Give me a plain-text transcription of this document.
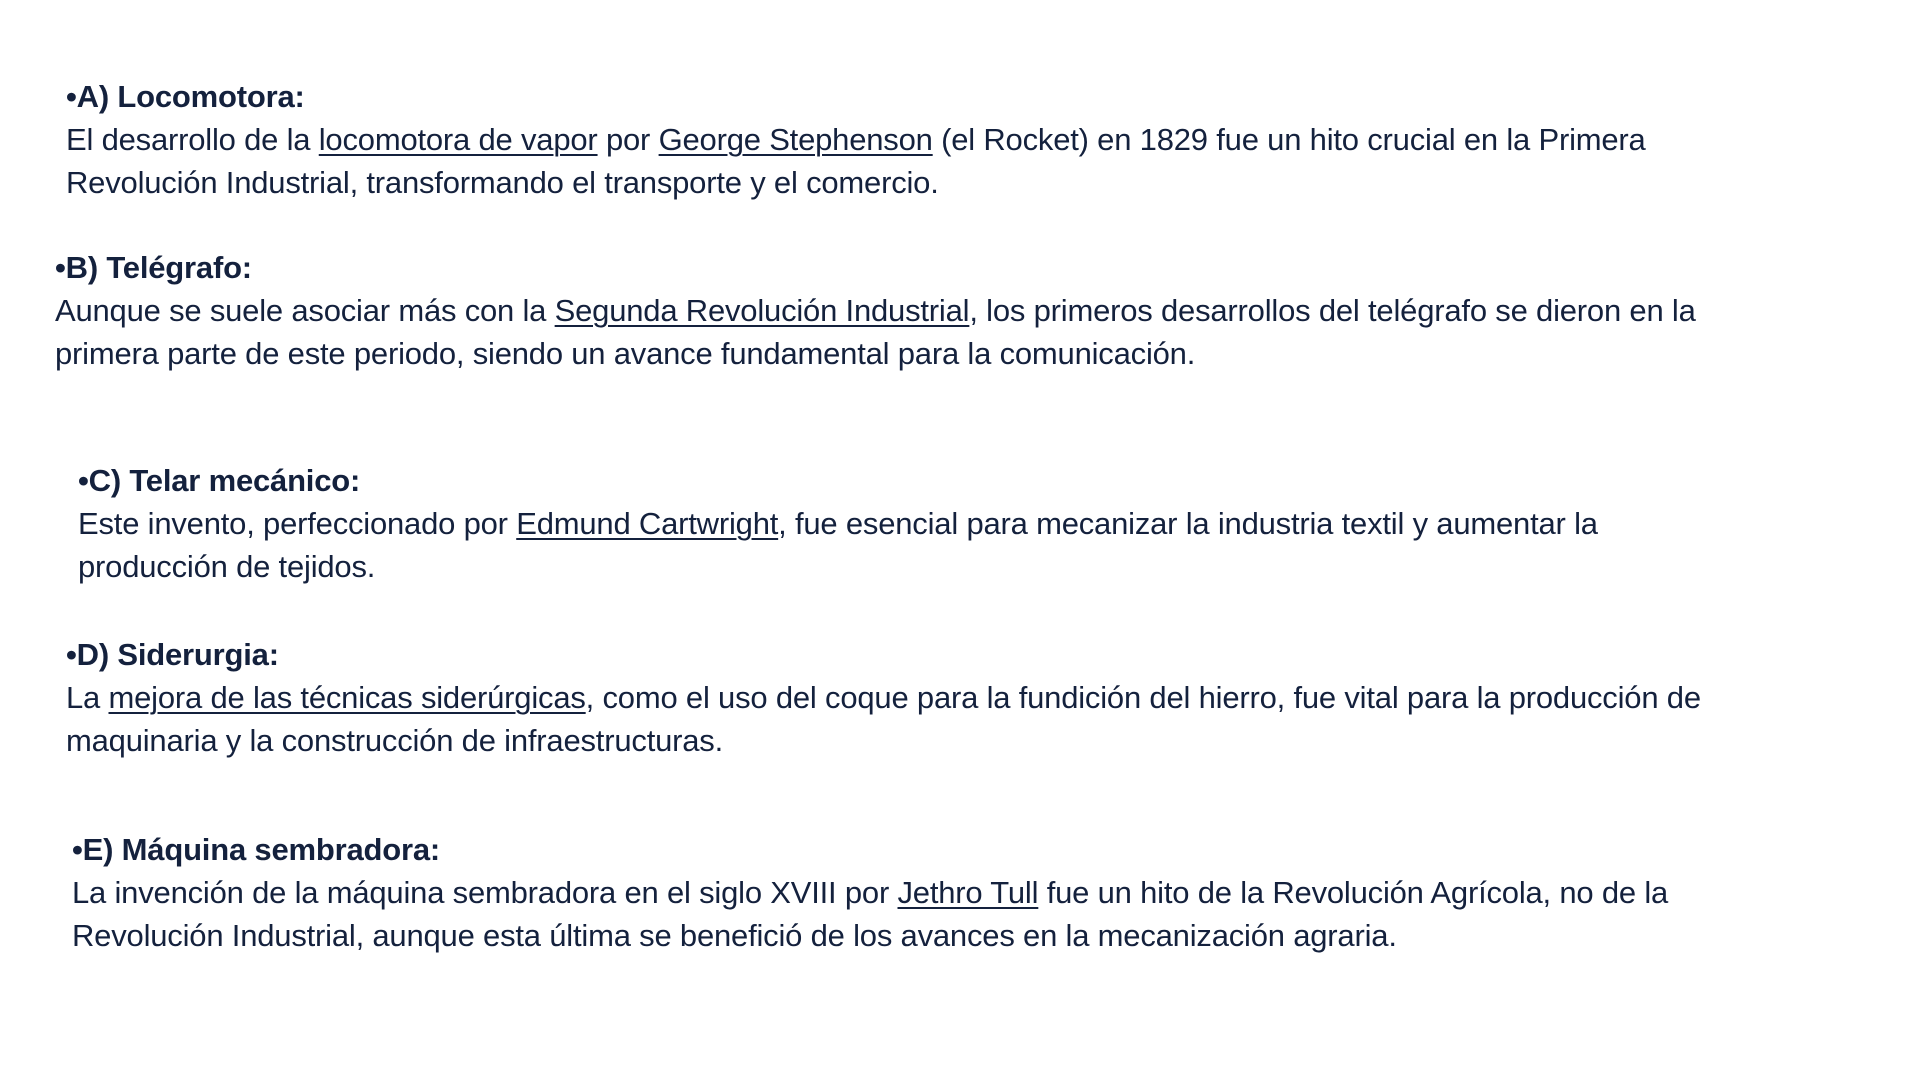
•A) Locomotora:

El desarrollo de la locomotora de vapor por George Stephenson (el Rocket) en 1829 fue un hito crucial en la Primera
Revolución Industrial, transformando el transporte y el comercio.

•B) Telégrafo:

Aunque se suele asociar más con la Segunda Revolución Industrial, los primeros desarrollos del telégrafo se dieron en la
primera parte de este periodo, siendo un avance fundamental para la comunicación.

•C) Telar mecánico:

Este invento, perfeccionado por Edmund Cartwright, fue esencial para mecanizar la industria textil y aumentar la
producción de tejidos.

•D) Siderurgia:

La mejora de las técnicas siderúrgicas, como el uso del coque para la fundición del hierro, fue vital para la producción de
maquinaria y la construcción de infraestructuras.

•E) Máquina sembradora:

La invención de la máquina sembradora en el siglo XVIII por Jethro Tull fue un hito de la Revolución Agrícola, no de la
Revolución Industrial, aunque esta última se benefició de los avances en la mecanización agraria.
